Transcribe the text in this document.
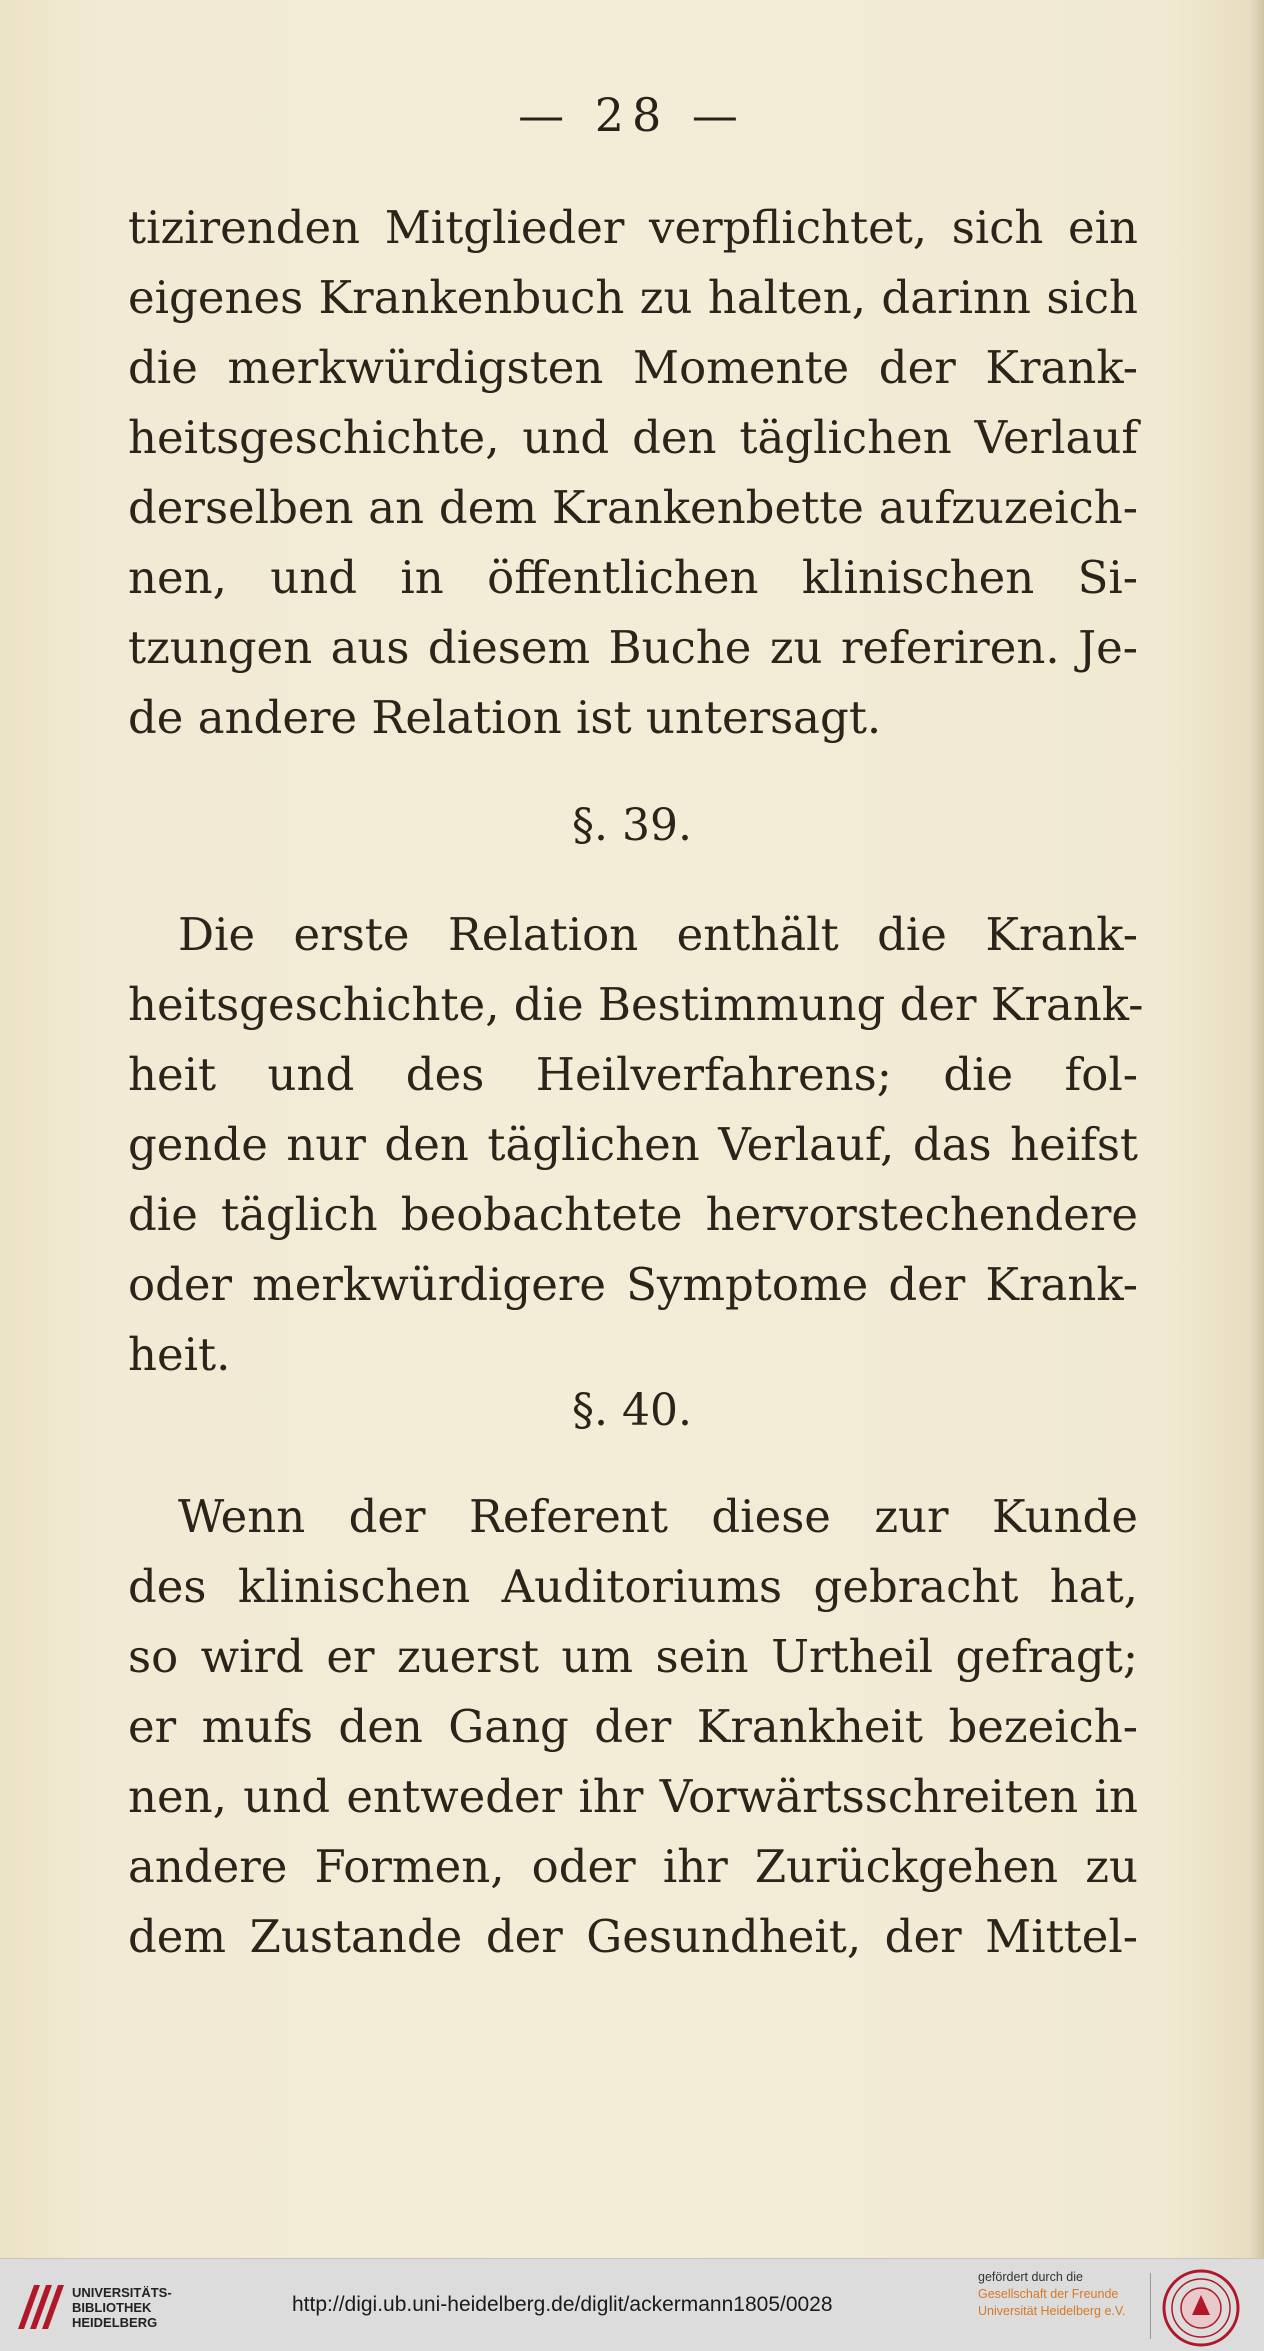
— 28 —
tizirenden Mitglieder verpflichtet, sich ein
eigenes Krankenbuch zu halten, darinn sich
die merkwürdigsten Momente der Krank-
heitsgeschichte, und den täglichen Verlauf
derselben an dem Krankenbette aufzuzeich-
nen, und in öffentlichen klinischen Si-
tzungen aus diesem Buche zu referiren. Je-
de andere Relation ist untersagt.
§. 39.
Die erste Relation enthält die Krank-
heitsgeschichte, die Bestimmung der Krank-
heit und des Heilverfahrens; die fol-
gende nur den täglichen Verlauf, das heifst
die täglich beobachtete hervorstechendere
oder merkwürdigere Symptome der Krank-
heit.
§. 40.
Wenn der Referent diese zur Kunde
des klinischen Auditoriums gebracht hat,
so wird er zuerst um sein Urtheil gefragt;
er mufs den Gang der Krankheit bezeich-
nen, und entweder ihr Vorwärtsschreiten in
andere Formen, oder ihr Zurückgehen zu
dem Zustande der Gesundheit, der Mittel-
UNIVERSITÄTS-
BIBLIOTHEK
HEIDELBERG
http://digi.ub.uni-heidelberg.de/diglit/ackermann1805/0028
gefördert durch die
Gesellschaft der Freunde
Universität Heidelberg e.V.
